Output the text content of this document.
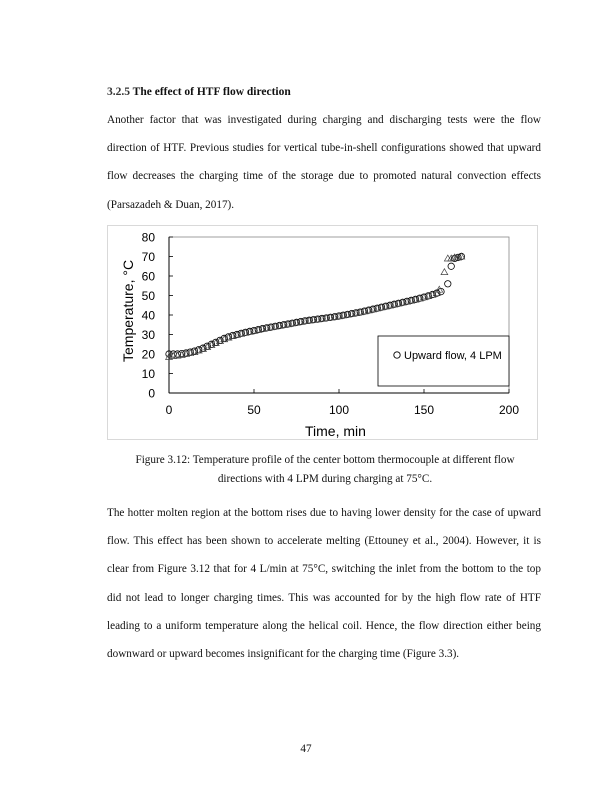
3.2.5 The effect of HTF flow direction
Another factor that was investigated during charging and discharging tests were the flow direction of HTF. Previous studies for vertical tube-in-shell configurations showed that upward flow decreases the charging time of the storage due to promoted natural convection effects (Parsazadeh & Duan, 2017).
0
10
20
30
40
50
60
70
80
0	50	100	150	200
Upward flow, 4 LPM
Time, min
Temperature, °C
Figure 3.12: Temperature profile of the center bottom thermocouple at different flow
directions with 4 LPM during charging at 75°C.
The hotter molten region at the bottom rises due to having lower density for the case of upward flow. This effect has been shown to accelerate melting (Ettouney et al., 2004). However, it is clear from Figure 3.12 that for 4 L/min at 75°C, switching the inlet from the bottom to the top did not lead to longer charging times. This was accounted for by the high flow rate of HTF leading to a uniform temperature along the helical coil. Hence, the flow direction either being downward or upward becomes insignificant for the charging time (Figure 3.3).
47
